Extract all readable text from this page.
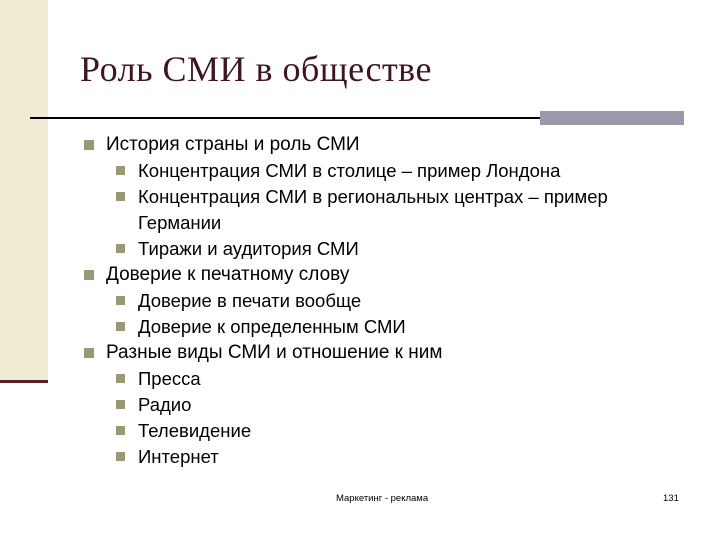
Роль СМИ в обществе
История страны и роль СМИ
Концентрация СМИ в столице – пример Лондона
Концентрация СМИ в региональных центрах – пример Германии
Тиражи и аудитория СМИ
Доверие к печатному слову
Доверие в печати вообще
Доверие к определенным СМИ
Разные виды СМИ и отношение к ним
Пресса
Радио
Телевидение
Интернет
Маркетинг - реклама	131
